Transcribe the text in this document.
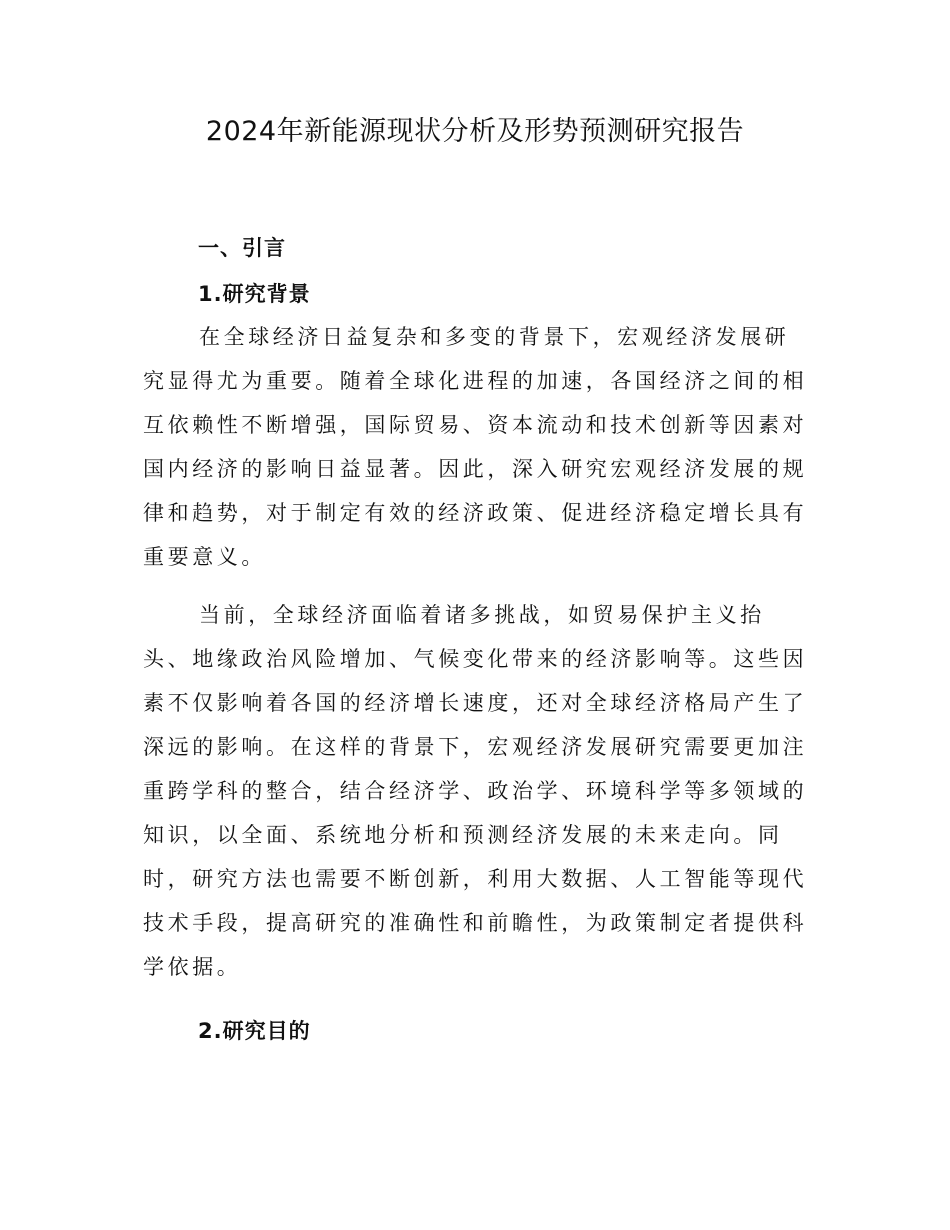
2024年新能源现状分析及形势预测研究报告
一、引言
1.研究背景
在全球经济日益复杂和多变的背景下，宏观经济发展研
究显得尤为重要。随着全球化进程的加速，各国经济之间的相
互依赖性不断增强，国际贸易、资本流动和技术创新等因素对
国内经济的影响日益显著。因此，深入研究宏观经济发展的规
律和趋势，对于制定有效的经济政策、促进经济稳定增长具有
重要意义。
当前，全球经济面临着诸多挑战，如贸易保护主义抬
头、地缘政治风险增加、气候变化带来的经济影响等。这些因
素不仅影响着各国的经济增长速度，还对全球经济格局产生了
深远的影响。在这样的背景下，宏观经济发展研究需要更加注
重跨学科的整合，结合经济学、政治学、环境科学等多领域的
知识，以全面、系统地分析和预测经济发展的未来走向。同
时，研究方法也需要不断创新，利用大数据、人工智能等现代
技术手段，提高研究的准确性和前瞻性，为政策制定者提供科
学依据。
2.研究目的
